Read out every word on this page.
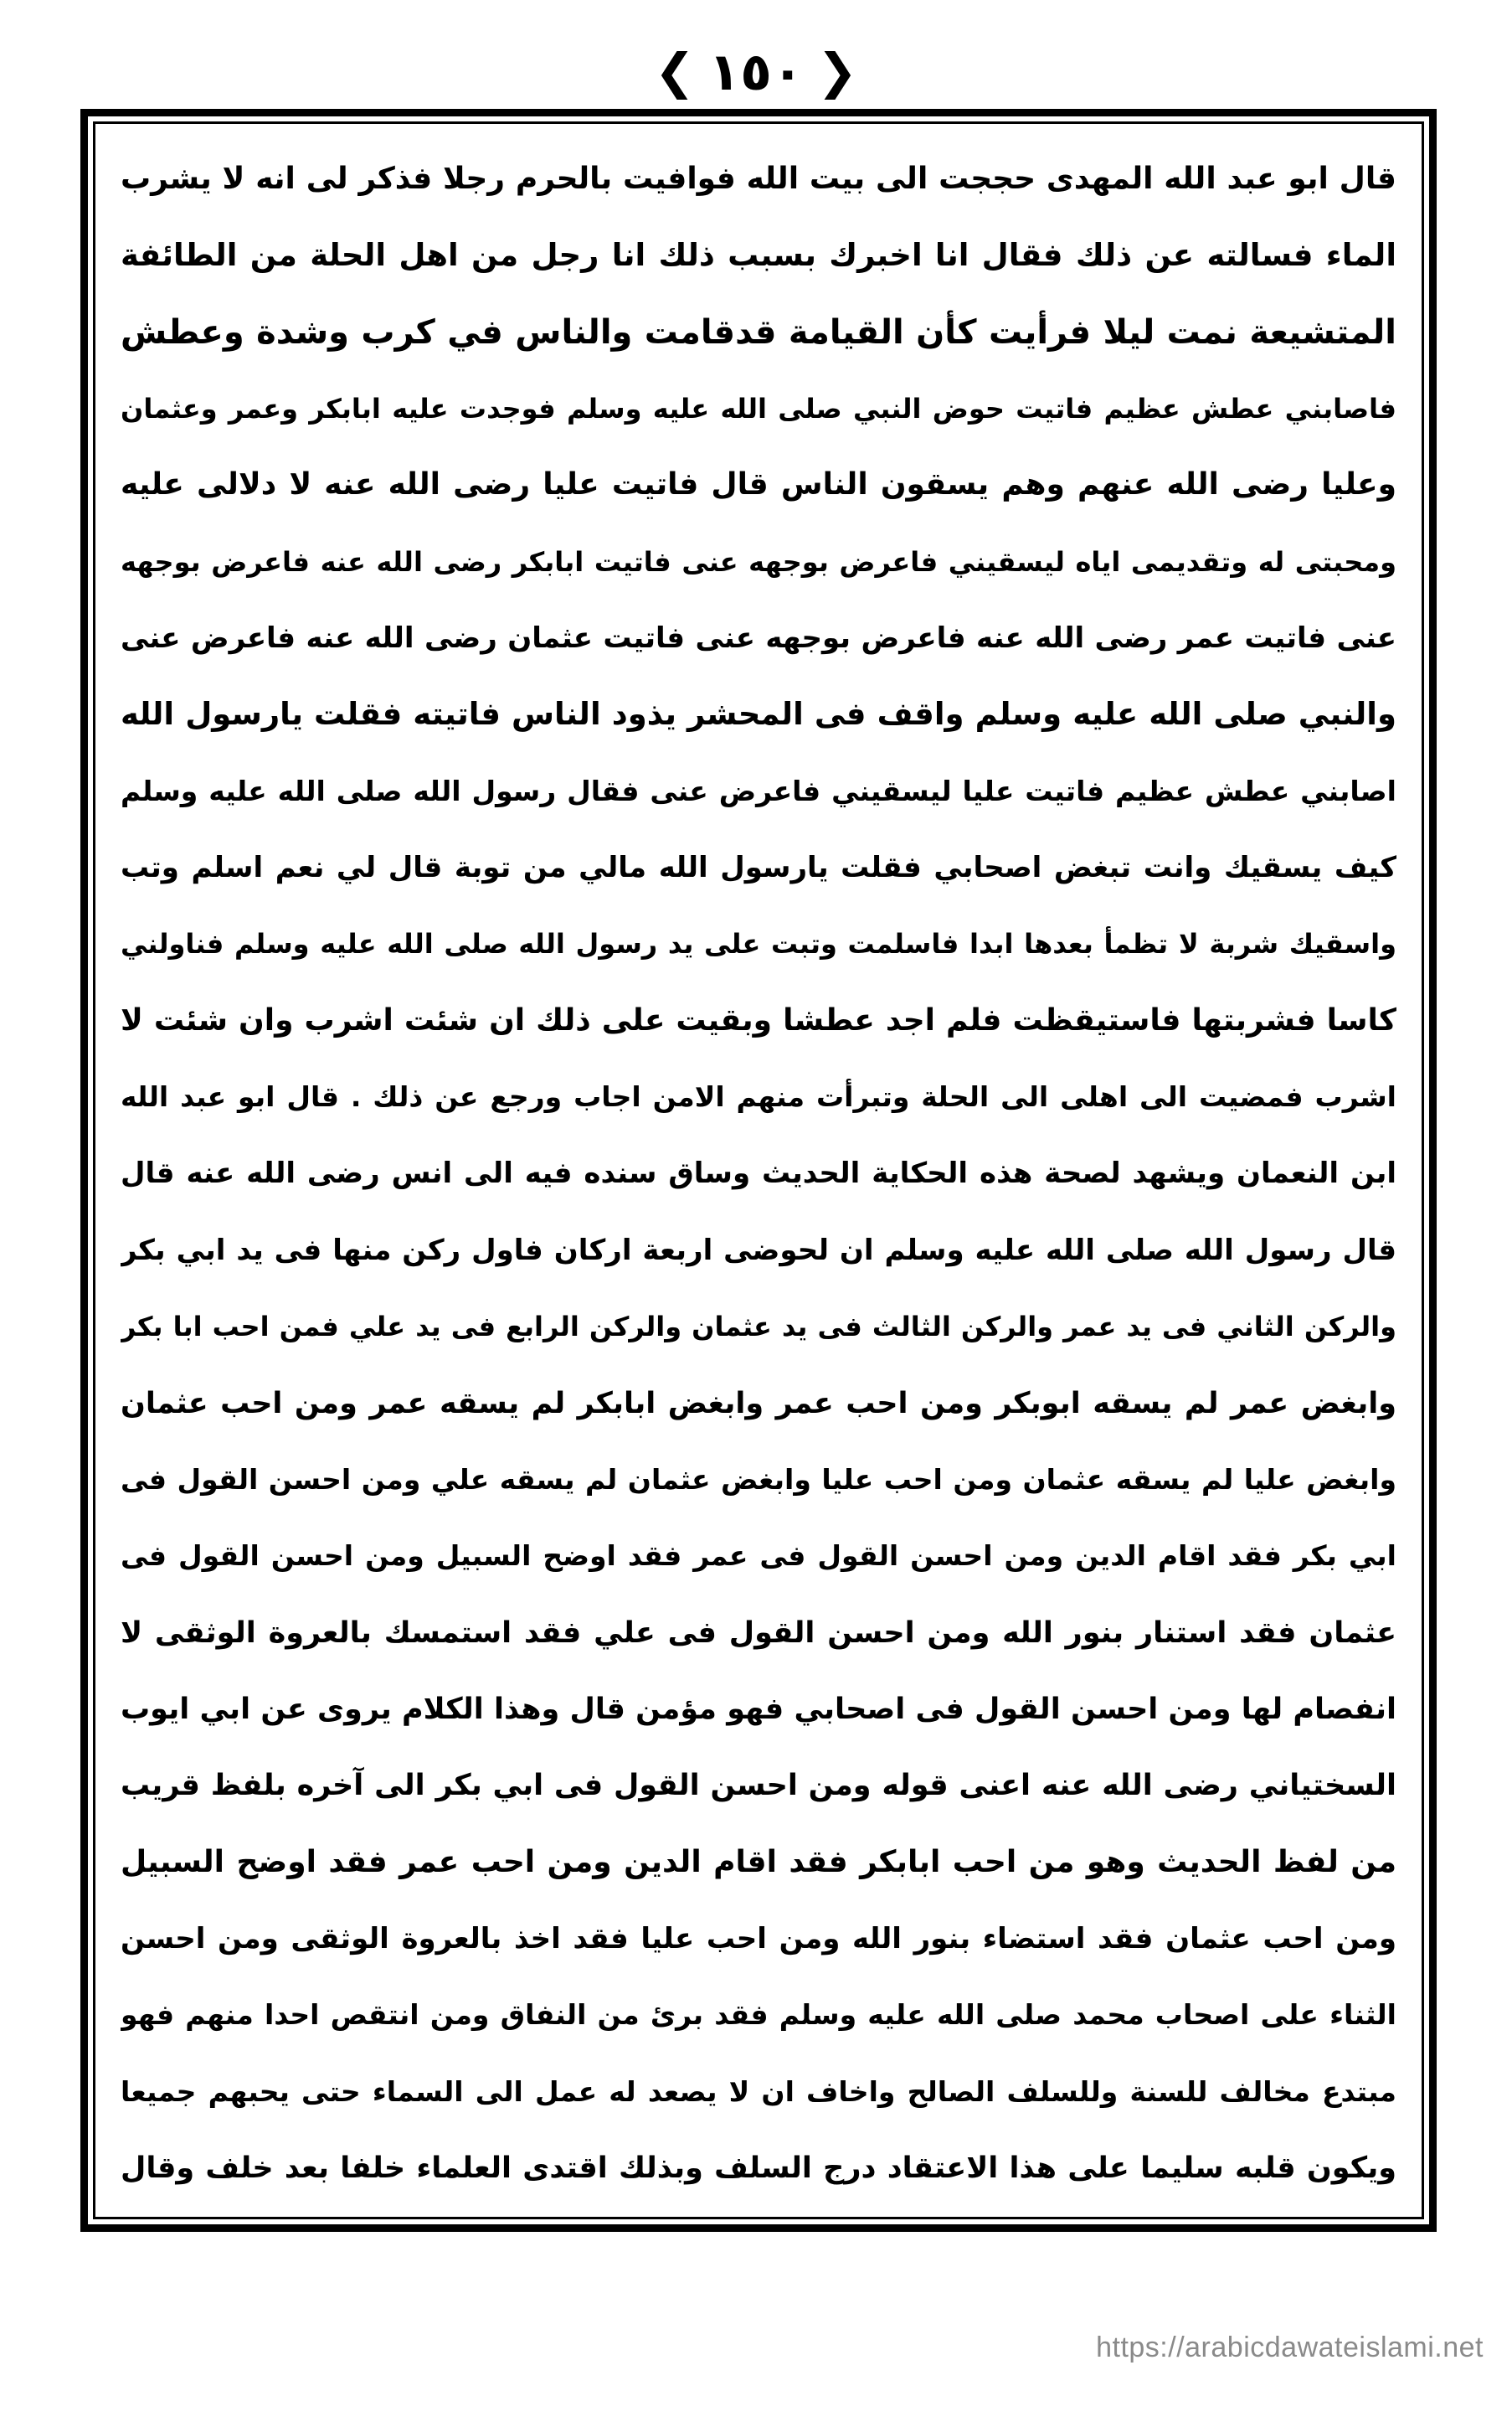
❮ ١٥٠ ❯
قال ابو عبد الله المهدى حججت الى بيت الله فوافيت بالحرم رجلا فذكر لى انه لا يشرب
الماء فسالته عن ذلك فقال انا اخبرك بسبب ذلك انا رجل من اهل الحلة من الطائفة
المتشيعة نمت ليلا فرأيت كأن القيامة قدقامت والناس في كرب وشدة وعطش
فاصابني عطش عظيم فاتيت حوض النبي صلى الله عليه وسلم فوجدت عليه ابابكر وعمر وعثمان
وعليا رضى الله عنهم وهم يسقون الناس قال فاتيت عليا رضى الله عنه لا دلالى عليه
ومحبتى له وتقديمى اياه ليسقيني فاعرض بوجهه عنى فاتيت ابابكر رضى الله عنه فاعرض بوجهه
عنى فاتيت عمر رضى الله عنه فاعرض بوجهه عنى فاتيت عثمان رضى الله عنه فاعرض عنى
والنبي صلى الله عليه وسلم واقف فى المحشر يذود الناس فاتيته فقلت يارسول الله
اصابني عطش عظيم فاتيت عليا ليسقيني فاعرض عنى فقال رسول الله صلى الله عليه وسلم
كيف يسقيك وانت تبغض اصحابي فقلت يارسول الله مالي من توبة قال لي نعم اسلم وتب
واسقيك شربة لا تظمأ بعدها ابدا فاسلمت وتبت على يد رسول الله صلى الله عليه وسلم فناولني
كاسا فشربتها فاستيقظت فلم اجد عطشا وبقيت على ذلك ان شئت اشرب وان شئت لا
اشرب فمضيت الى اهلى الى الحلة وتبرأت منهم الامن اجاب ورجع عن ذلك . قال ابو عبد الله
ابن النعمان ويشهد لصحة هذه الحكاية الحديث وساق سنده فيه الى انس رضى الله عنه قال
قال رسول الله صلى الله عليه وسلم ان لحوضى اربعة اركان فاول ركن منها فى يد ابي بكر
والركن الثاني فى يد عمر والركن الثالث فى يد عثمان والركن الرابع فى يد علي فمن احب ابا بكر
وابغض عمر لم يسقه ابوبكر ومن احب عمر وابغض ابابكر لم يسقه عمر ومن احب عثمان
وابغض عليا لم يسقه عثمان ومن احب عليا وابغض عثمان لم يسقه علي ومن احسن القول فى
ابي بكر فقد اقام الدين ومن احسن القول فى عمر فقد اوضح السبيل ومن احسن القول فى
عثمان فقد استنار بنور الله ومن احسن القول فى علي فقد استمسك بالعروة الوثقى لا
انفصام لها ومن احسن القول فى اصحابي فهو مؤمن قال وهذا الكلام يروى عن ابي ايوب
السختياني رضى الله عنه اعنى قوله ومن احسن القول فى ابي بكر الى آخره بلفظ قريب
من لفظ الحديث وهو من احب ابابكر فقد اقام الدين ومن احب عمر فقد اوضح السبيل
ومن احب عثمان فقد استضاء بنور الله ومن احب عليا فقد اخذ بالعروة الوثقى ومن احسن
الثناء على اصحاب محمد صلى الله عليه وسلم فقد برئ من النفاق ومن انتقص احدا منهم فهو
مبتدع مخالف للسنة وللسلف الصالح واخاف ان لا يصعد له عمل الى السماء حتى يحبهم جميعا
ويكون قلبه سليما على هذا الاعتقاد درج السلف وبذلك اقتدى العلماء خلفا بعد خلف وقال
https://arabicdawateislami.net
